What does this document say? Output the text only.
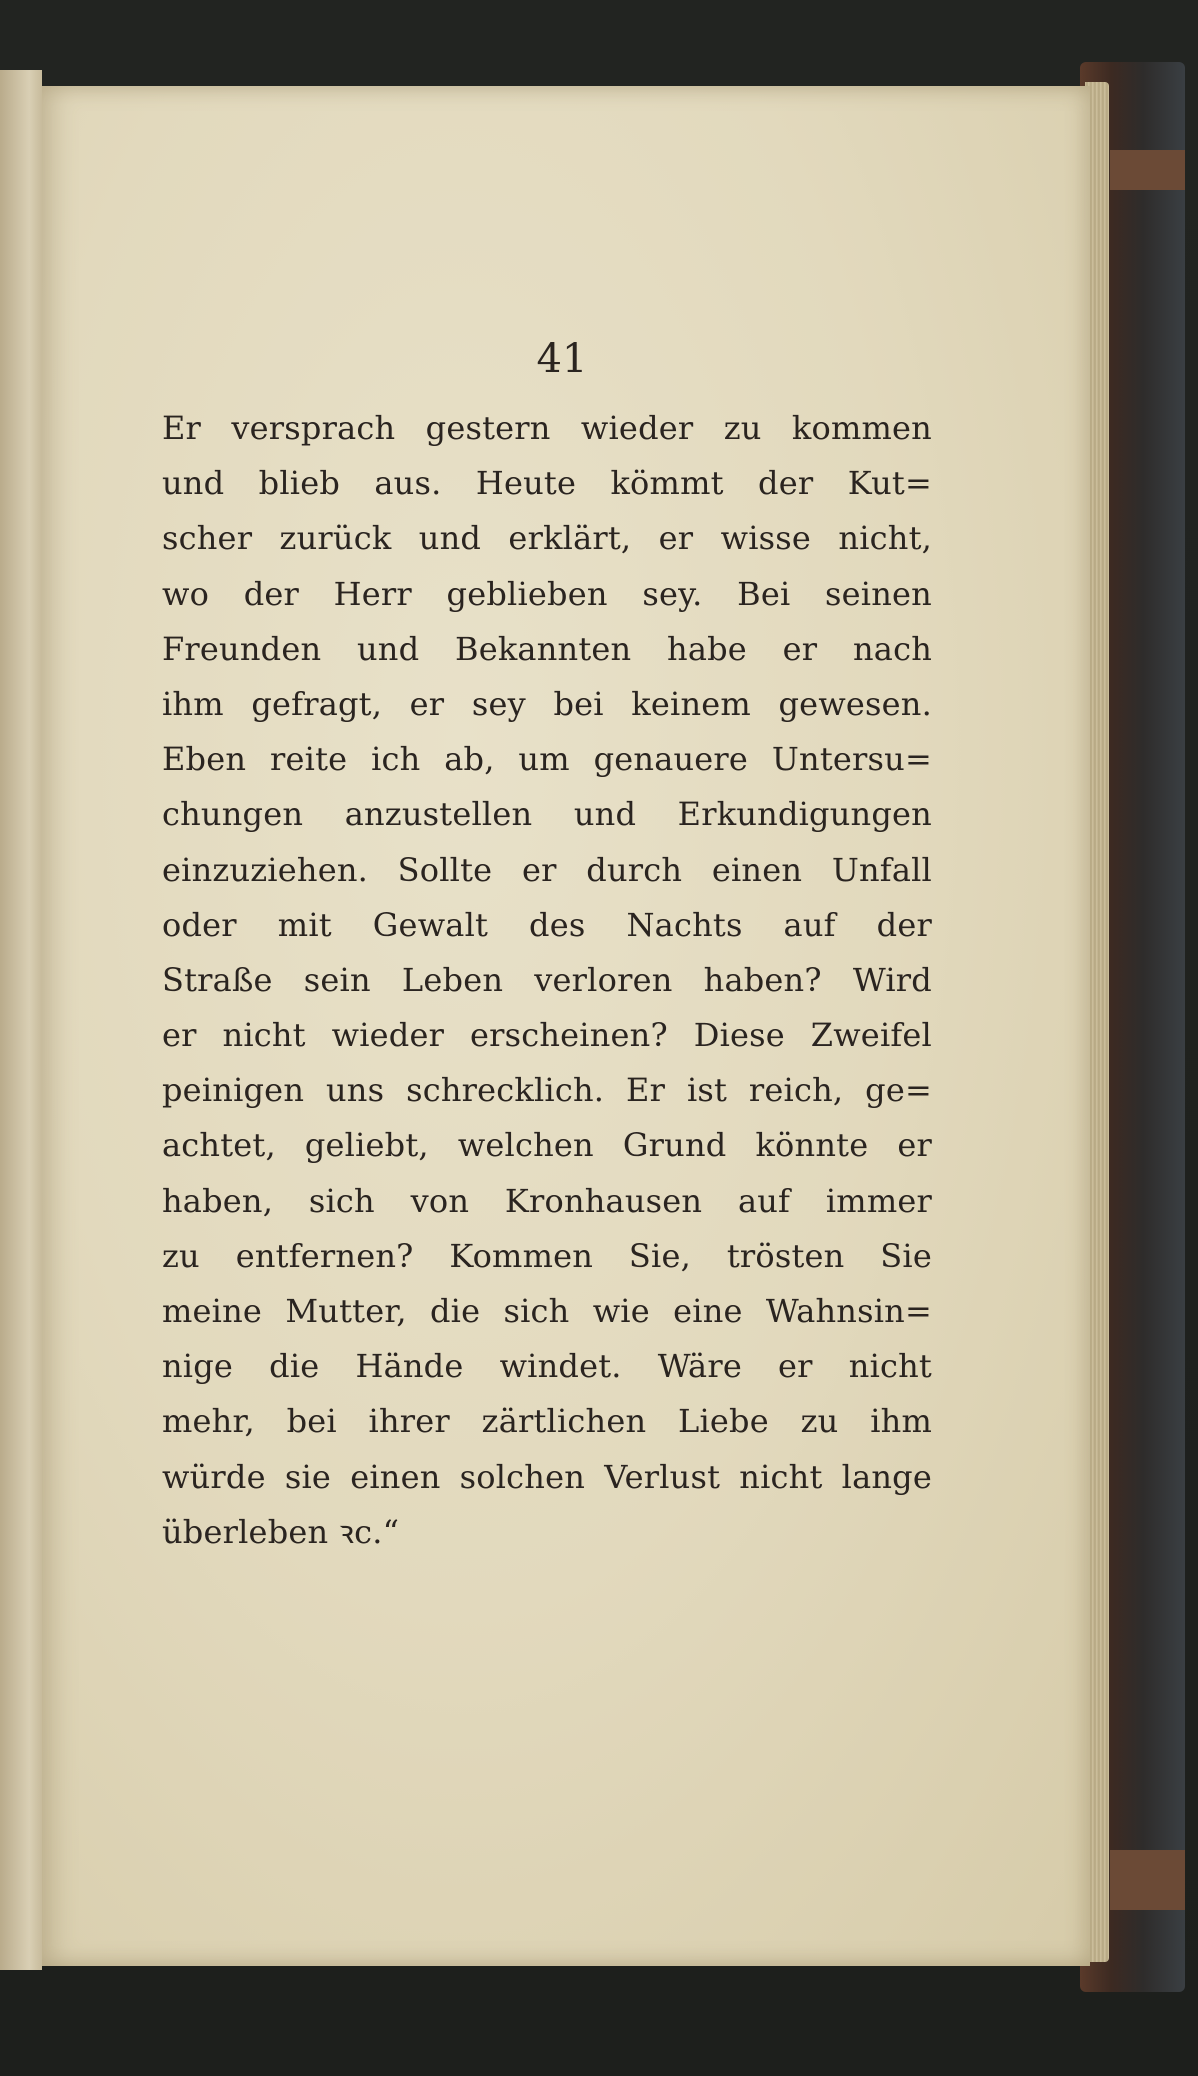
41

Er versprach gestern wieder zu kommen
und blieb aus. Heute kömmt der Kut=
scher zurück und erklärt, er wisse nicht,
wo der Herr geblieben sey. Bei seinen
Freunden und Bekannten habe er nach
ihm gefragt, er sey bei keinem gewesen.
Eben reite ich ab, um genauere Untersu=
chungen anzustellen und Erkundigungen
einzuziehen. Sollte er durch einen Unfall
oder mit Gewalt des Nachts auf der
Straße sein Leben verloren haben? Wird
er nicht wieder erscheinen? Diese Zweifel
peinigen uns schrecklich. Er ist reich, ge=
achtet, geliebt, welchen Grund könnte er
haben, sich von Kronhausen auf immer
zu entfernen? Kommen Sie, trösten Sie
meine Mutter, die sich wie eine Wahnsin=
nige die Hände windet. Wäre er nicht
mehr, bei ihrer zärtlichen Liebe zu ihm
würde sie einen solchen Verlust nicht lange
überleben ꝛc.“
